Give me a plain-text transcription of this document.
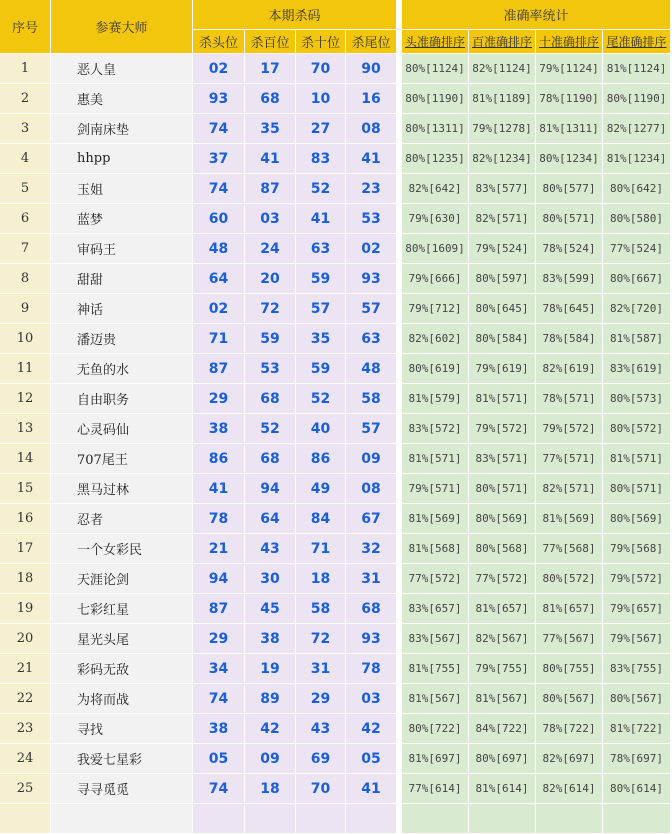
序号	参赛大师	本期杀码					准确率统计			
		杀头位	杀百位	杀十位	杀尾位		头准确排序	百准确排序	十准确排序	尾准确排序
1	恶人皇	02	17	70	90		80%[1124]	82%[1124]	79%[1124]	81%[1124]
2	惠美	93	68	10	16		80%[1190]	81%[1189]	78%[1190]	80%[1190]
3	剑南床垫	74	35	27	08		80%[1311]	79%[1278]	81%[1311]	82%[1277]
4	hhpp	37	41	83	41		80%[1235]	82%[1234]	80%[1234]	81%[1234]
5	玉姐	74	87	52	23		82%[642]	83%[577]	80%[577]	80%[642]
6	蓝梦	60	03	41	53		79%[630]	82%[571]	80%[571]	80%[580]
7	审码王	48	24	63	02		80%[1609]	79%[524]	78%[524]	77%[524]
8	甜甜	64	20	59	93		79%[666]	80%[597]	83%[599]	80%[667]
9	神话	02	72	57	57		79%[712]	80%[645]	78%[645]	82%[720]
10	潘迈贵	71	59	35	63		82%[602]	80%[584]	78%[584]	81%[587]
11	无鱼的水	87	53	59	48		80%[619]	79%[619]	82%[619]	83%[619]
12	自由职务	29	68	52	58		81%[579]	81%[571]	78%[571]	80%[573]
13	心灵码仙	38	52	40	57		83%[572]	79%[572]	79%[572]	80%[572]
14	707尾王	86	68	86	09		81%[571]	83%[571]	77%[571]	81%[571]
15	黑马过林	41	94	49	08		79%[571]	80%[571]	82%[571]	80%[571]
16	忍者	78	64	84	67		81%[569]	80%[569]	81%[569]	80%[569]
17	一个女彩民	21	43	71	32		81%[568]	80%[568]	77%[568]	79%[568]
18	天涯论剑	94	30	18	31		77%[572]	77%[572]	80%[572]	79%[572]
19	七彩红星	87	45	58	68		83%[657]	81%[657]	81%[657]	79%[657]
20	星光头尾	29	38	72	93		83%[567]	82%[567]	77%[567]	79%[567]
21	彩码无敌	34	19	31	78		81%[755]	79%[755]	80%[755]	83%[755]
22	为将而战	74	89	29	03		81%[567]	81%[567]	80%[567]	80%[567]
23	寻找	38	42	43	42		80%[722]	84%[722]	78%[722]	81%[722]
24	我爱七星彩	05	09	69	05		81%[697]	80%[697]	82%[697]	78%[697]
25	寻寻觅觅	74	18	70	41		77%[614]	81%[614]	82%[614]	80%[614]
